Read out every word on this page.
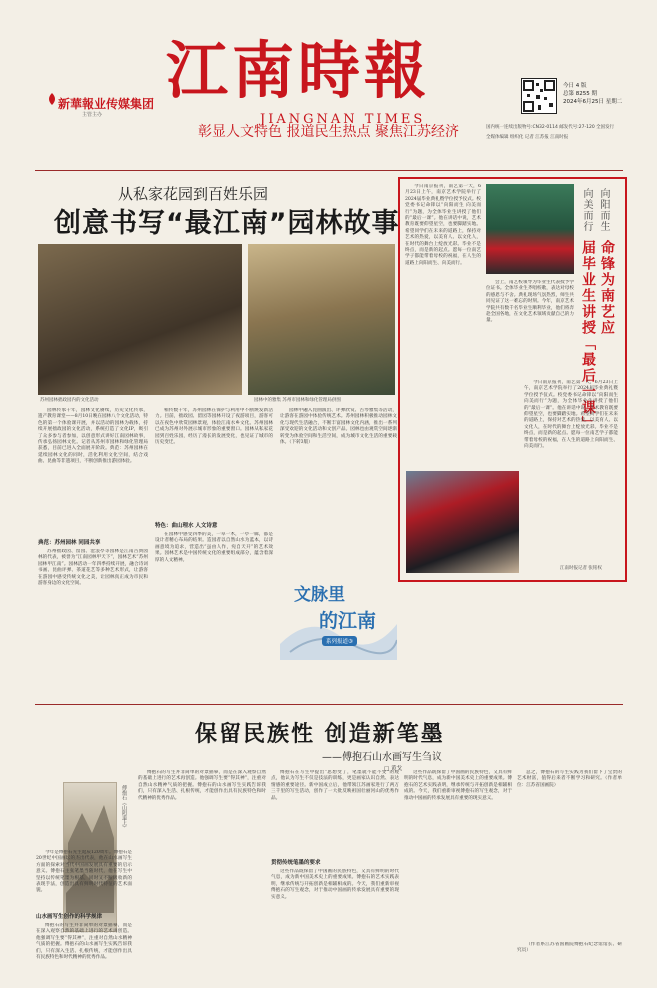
新華報业传媒集团
主管主办
江南時報
JIANGNAN TIMES
今日 4 版
总第 8255 期
2024年6月25日 星期二
国内统一连续出版物号:CN32-0114 邮发代号:27-120 全国发行
全媒体编辑 组织化 记者 江苏报 江南时报
彰显人文特色 报道民生热点 聚焦江苏经济
从私家花园到百姓乐园
创意书写“最江南”园林故事
苏州园林拙政园内的文化活动	园林中的雅集 苏州市园林和绿化管理局供图

园林传承千年，园林文化赓续，历史文化传承，遗产教育课堂——8月10日晚在园林八个文化活动，特色的第一个体验课开展，并以活动的园林为载体，持续开展拙政园的文化活动，系统打造了文化IP，吸引了众多参与者参加，以创意形式讲好江南园林故事，传承弘扬园林文化。记者从苏州市园林和绿化管理局获悉，目前已进入全面展开阶段。典范：苏州园林在延续园林文化的同时，活化利用文化空间，结合戏曲、昆曲等非遗项目，不断创新推出游园体验。

典范：苏州园林 同园共享

苏州拙政园、留园、沧浪亭等园林是江南古典园林的代表，被誉为“江南园林甲天下”，园林艺术“苏州园林甲江南”。园林活动一年四季持续开展，融合诗词书画、昆曲评弹、茶道花艺等多种艺术形式，让游客在游园中感受传统文化之美，让园林真正成为市民和游客身边的文化空间。

相传数千年，苏州园林在保护与利用中不断焕发新活力。目前，拙政园、留园等园林开设了夜游项目，游客可以在夜色中欣赏园林景观，体验江南水乡文化。苏州园林已成为苏州对外展示城市形象的重要窗口。园林从私家花园到百姓乐园，经历了漫长的发展变化，也见证了城市的历史变迁。

特色：曲山理水 人文诗意

在园林中感受四季的美，一草一木，一亭一廊，都是设计者精心布局的结果。造园者以自然山水为蓝本，以诗画意境为追求，营造出“虽由人作，宛自天开”的艺术效果。园林艺术是中国传统文化的重要组成部分，蕴含着深厚的人文精神。

园林中融入昆曲演出、评弹欣赏、古琴雅集等活动，让游客在游园中体验传统艺术。苏州园林积极推动园林文化与现代生活融合，不断丰富园林文化内涵，推出一系列深受欢迎的文化活动和文创产品。园林也由观赏空间逐渐转变为体验空间和生活空间，成为城市文化生活的重要载体。（下转3版）

文脉里
的江南
系列报道③

今日南京报刊，南艺第一天，6月23日上午，南京艺术学院举行了2024届毕业典礼暨学位授予仪式。校党委书记命锋以“向阳而生 向美而行”为题，为全体毕业生讲授了他们的“最后一课”。他在讲话中说，艺术教育既要仰望星空，也要脚踏实地。希望同学们在未来的道路上，保持对艺术的热爱，以美育人、以文化人，在时代的舞台上绽放光彩。毕业不是终点，而是新的起点。愿每一位南艺学子都能带着母校的祝福，在人生的道路上向阳而生、向美而行。

会上，南艺校领导为毕业生代表授予学位证书。全体毕业生齐唱校歌，表达对母校的感恩与不舍。典礼现场气氛热烈，师生共同见证了这一难忘的时刻。今年，南京艺术学院共有数千名毕业生顺利毕业，他们将奔赴全国各地，在文化艺术领域贡献自己的力量。

向阳而生
向美而行
命锋为南艺应
届毕业生讲授「最后一课」

今日南京报刊，南艺第一天，6月23日上午，南京艺术学院举行了2024届毕业典礼暨学位授予仪式。校党委书记命锋以“向阳而生 向美而行”为题，为全体毕业生讲授了他们的“最后一课”。他在讲话中说，艺术教育既要仰望星空，也要脚踏实地。希望同学们在未来的道路上，保持对艺术的热爱，以美育人、以文化人，在时代的舞台上绽放光彩。毕业不是终点，而是新的起点。愿每一位南艺学子都能带着母校的祝福，在人生的道路上向阳而生、向美而行。

江南时报记者 张铭权
保留民族性 创造新笔墨
——傅抱石山水画写生刍议
□ 黄戈
傅抱石《山阴道上》

今年是傅抱石先生诞辰120周年。傅抱石是20世纪中国画坛的杰出代表，他在山水画写生方面的探索对当代中国画发展具有重要的启示意义。傅抱石主张笔墨当随时代，他在写生中坚持以传统笔墨为根基，同时又不断吸收新的表现手法，创造出具有鲜明时代特征的艺术面貌。

山水画写生创作的科学规律

傅抱石的写生并非简单的对景描摹，而是在深入观察自然的基础上进行的艺术再创造。他强调写生要“得其神”，注重对自然山水精神气质的把握。傅抱石的山水画写生实践告诉我们，只有深入生活、扎根传统，才能创作出具有民族特色和时代精神的优秀作品。

傅抱石的写生并非简单的对景描摹，而是在深入观察自然的基础上进行的艺术再创造。他强调写生要“得其神”，注重对自然山水精神气质的把握。傅抱石的山水画写生实践告诉我们，只有深入生活、扎根传统，才能创作出具有民族特色和时代精神的优秀作品。

傅抱石在写生中提出“思想变了，笔墨就不能不变”的观点，他认为写生不仅是技法的训练，更是画家认识自然、表达情感的重要途径。新中国成立后，他带领江苏画家进行了两万三千里的写生活动，创作了一大批反映祖国壮丽河山的优秀作品。

贯彻传统笔墨的要求

这些作品既保留了中国画的民族特色，又具有鲜明的时代气息，成为新中国美术史上的重要成果。傅抱石的艺术实践表明，继承传统与开拓创新是相辅相成的。今天，我们重新审视傅抱石的写生观念，对于推动中国画的传承发展具有重要的现实意义。

这些作品既保留了中国画的民族特色，又具有鲜明的时代气息，成为新中国美术史上的重要成果。傅抱石的艺术实践表明，继承传统与开拓创新是相辅相成的。今天，我们重新审视傅抱石的写生观念，对于推动中国画的传承发展具有重要的现实意义。

总之，傅抱石的写生实践为我们留下了宝贵的艺术财富，值得后来者不断学习和研究。（作者单位：江苏省国画院）

（作者系江苏省国画院傅抱石纪念馆馆长、研究员）
